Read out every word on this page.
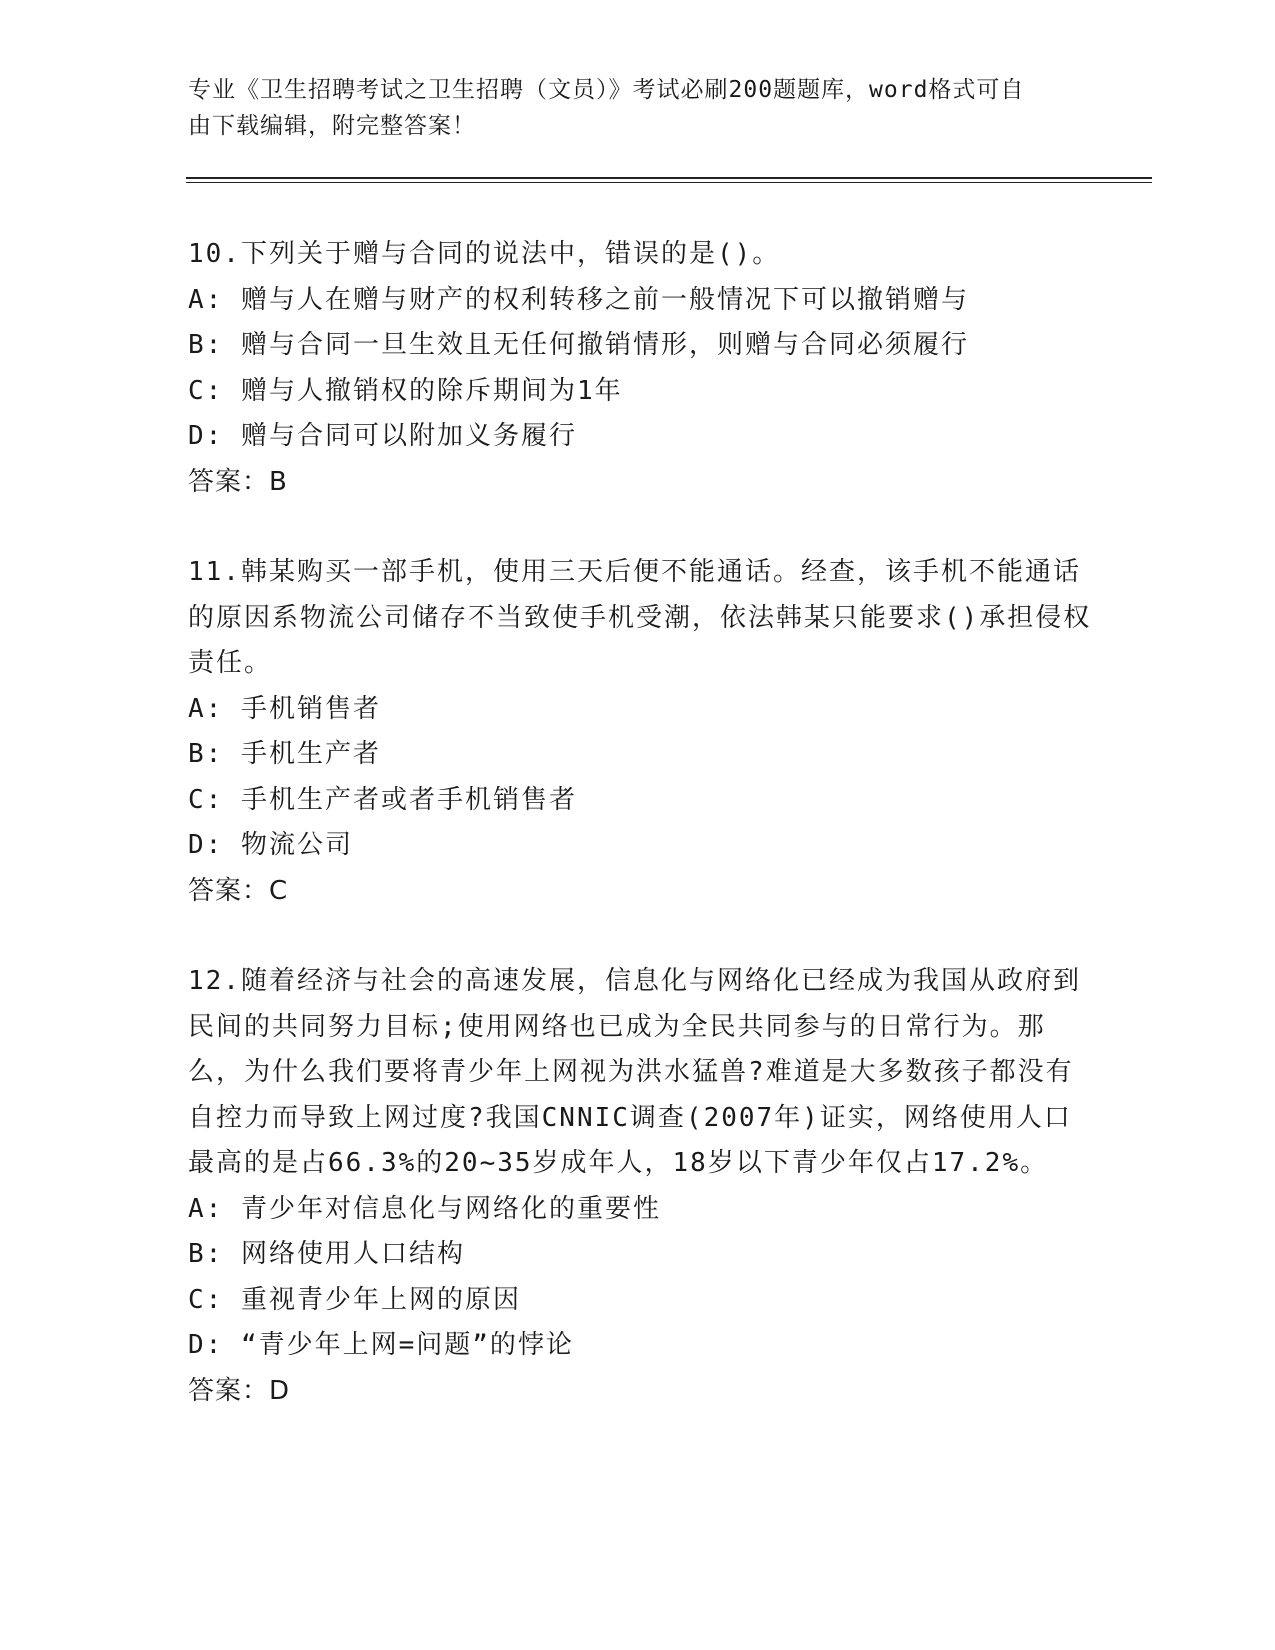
专业《卫生招聘考试之卫生招聘（文员）》考试必刷200题题库，word格式可自
由下载编辑，附完整答案！
10.下列关于赠与合同的说法中，错误的是()。
A: 赠与人在赠与财产的权利转移之前一般情况下可以撤销赠与
B: 赠与合同一旦生效且无任何撤销情形，则赠与合同必须履行
C: 赠与人撤销权的除斥期间为1年
D: 赠与合同可以附加义务履行
答案：B
11.韩某购买一部手机，使用三天后便不能通话。经查，该手机不能通话的原因系物流公司储存不当致使手机受潮，依法韩某只能要求()承担侵权责任。
A: 手机销售者
B: 手机生产者
C: 手机生产者或者手机销售者
D: 物流公司
答案：C
12.随着经济与社会的高速发展，信息化与网络化已经成为我国从政府到民间的共同努力目标;使用网络也已成为全民共同参与的日常行为。那么，为什么我们要将青少年上网视为洪水猛兽?难道是大多数孩子都没有自控力而导致上网过度?我国CNNIC调查(2007年)证实，网络使用人口最高的是占66.3%的20~35岁成年人，18岁以下青少年仅占17.2%。
A: 青少年对信息化与网络化的重要性
B: 网络使用人口结构
C: 重视青少年上网的原因
D: “青少年上网=问题”的悖论
答案：D
